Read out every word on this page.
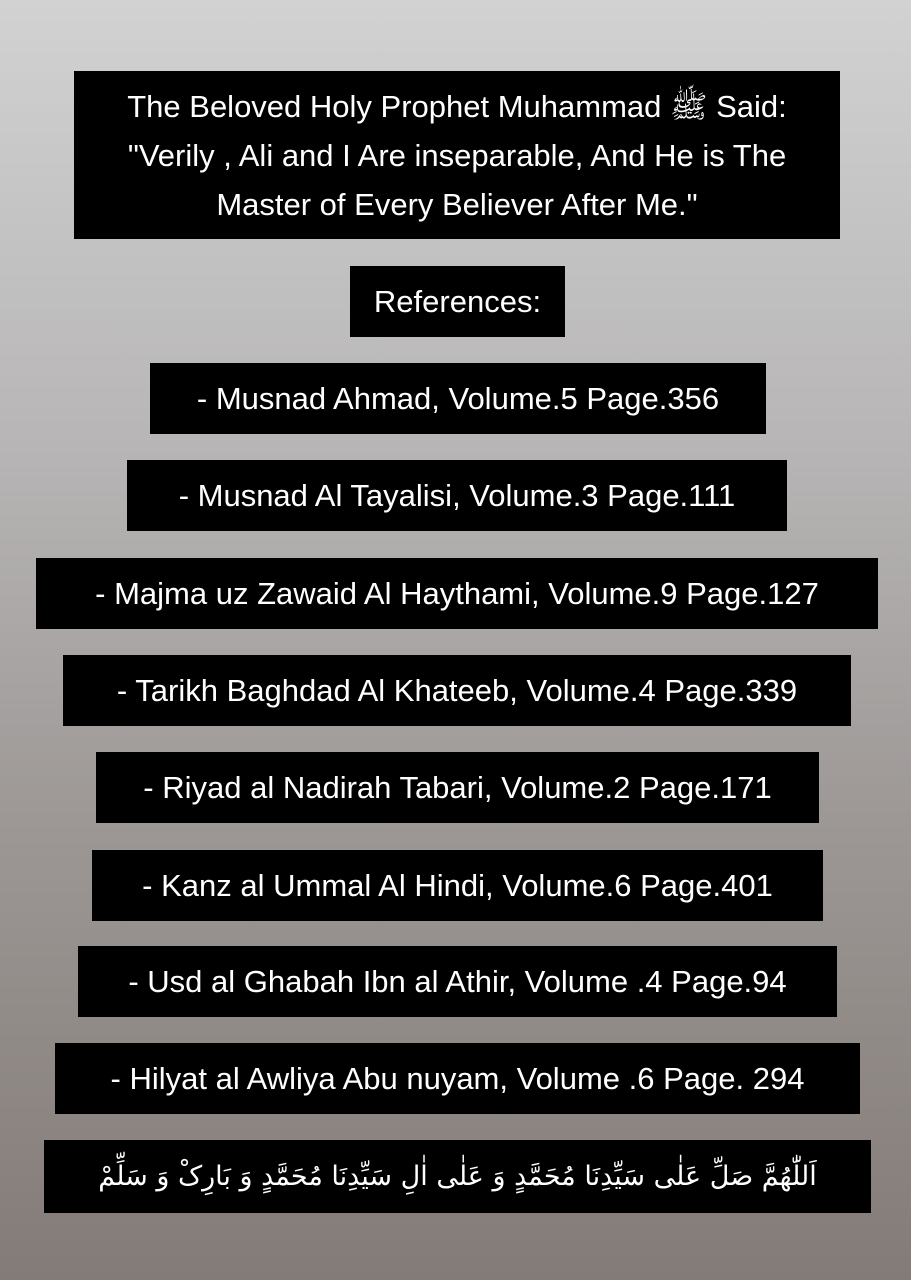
The Beloved Holy Prophet Muhammad ﷺ Said:
"Verily , Ali and I Are inseparable, And He is The
Master of Every Believer After Me."
References:
- Musnad Ahmad, Volume.5 Page.356
- Musnad Al Tayalisi, Volume.3 Page.111
- Majma uz Zawaid Al Haythami, Volume.9 Page.127
- Tarikh Baghdad Al Khateeb, Volume.4 Page.339
- Riyad al Nadirah Tabari, Volume.2 Page.171
- Kanz al Ummal Al Hindi, Volume.6 Page.401
- Usd al Ghabah Ibn al Athir, Volume .4 Page.94
- Hilyat al Awliya Abu nuyam, Volume .6 Page. 294
اَللّٰهُمَّ صَلِّ عَلٰى سَيِّدِنَا مُحَمَّدٍ وَ عَلٰى اٰلِ سَيِّدِنَا مُحَمَّدٍ وَ بَارِکْ وَ سَلِّمْ
